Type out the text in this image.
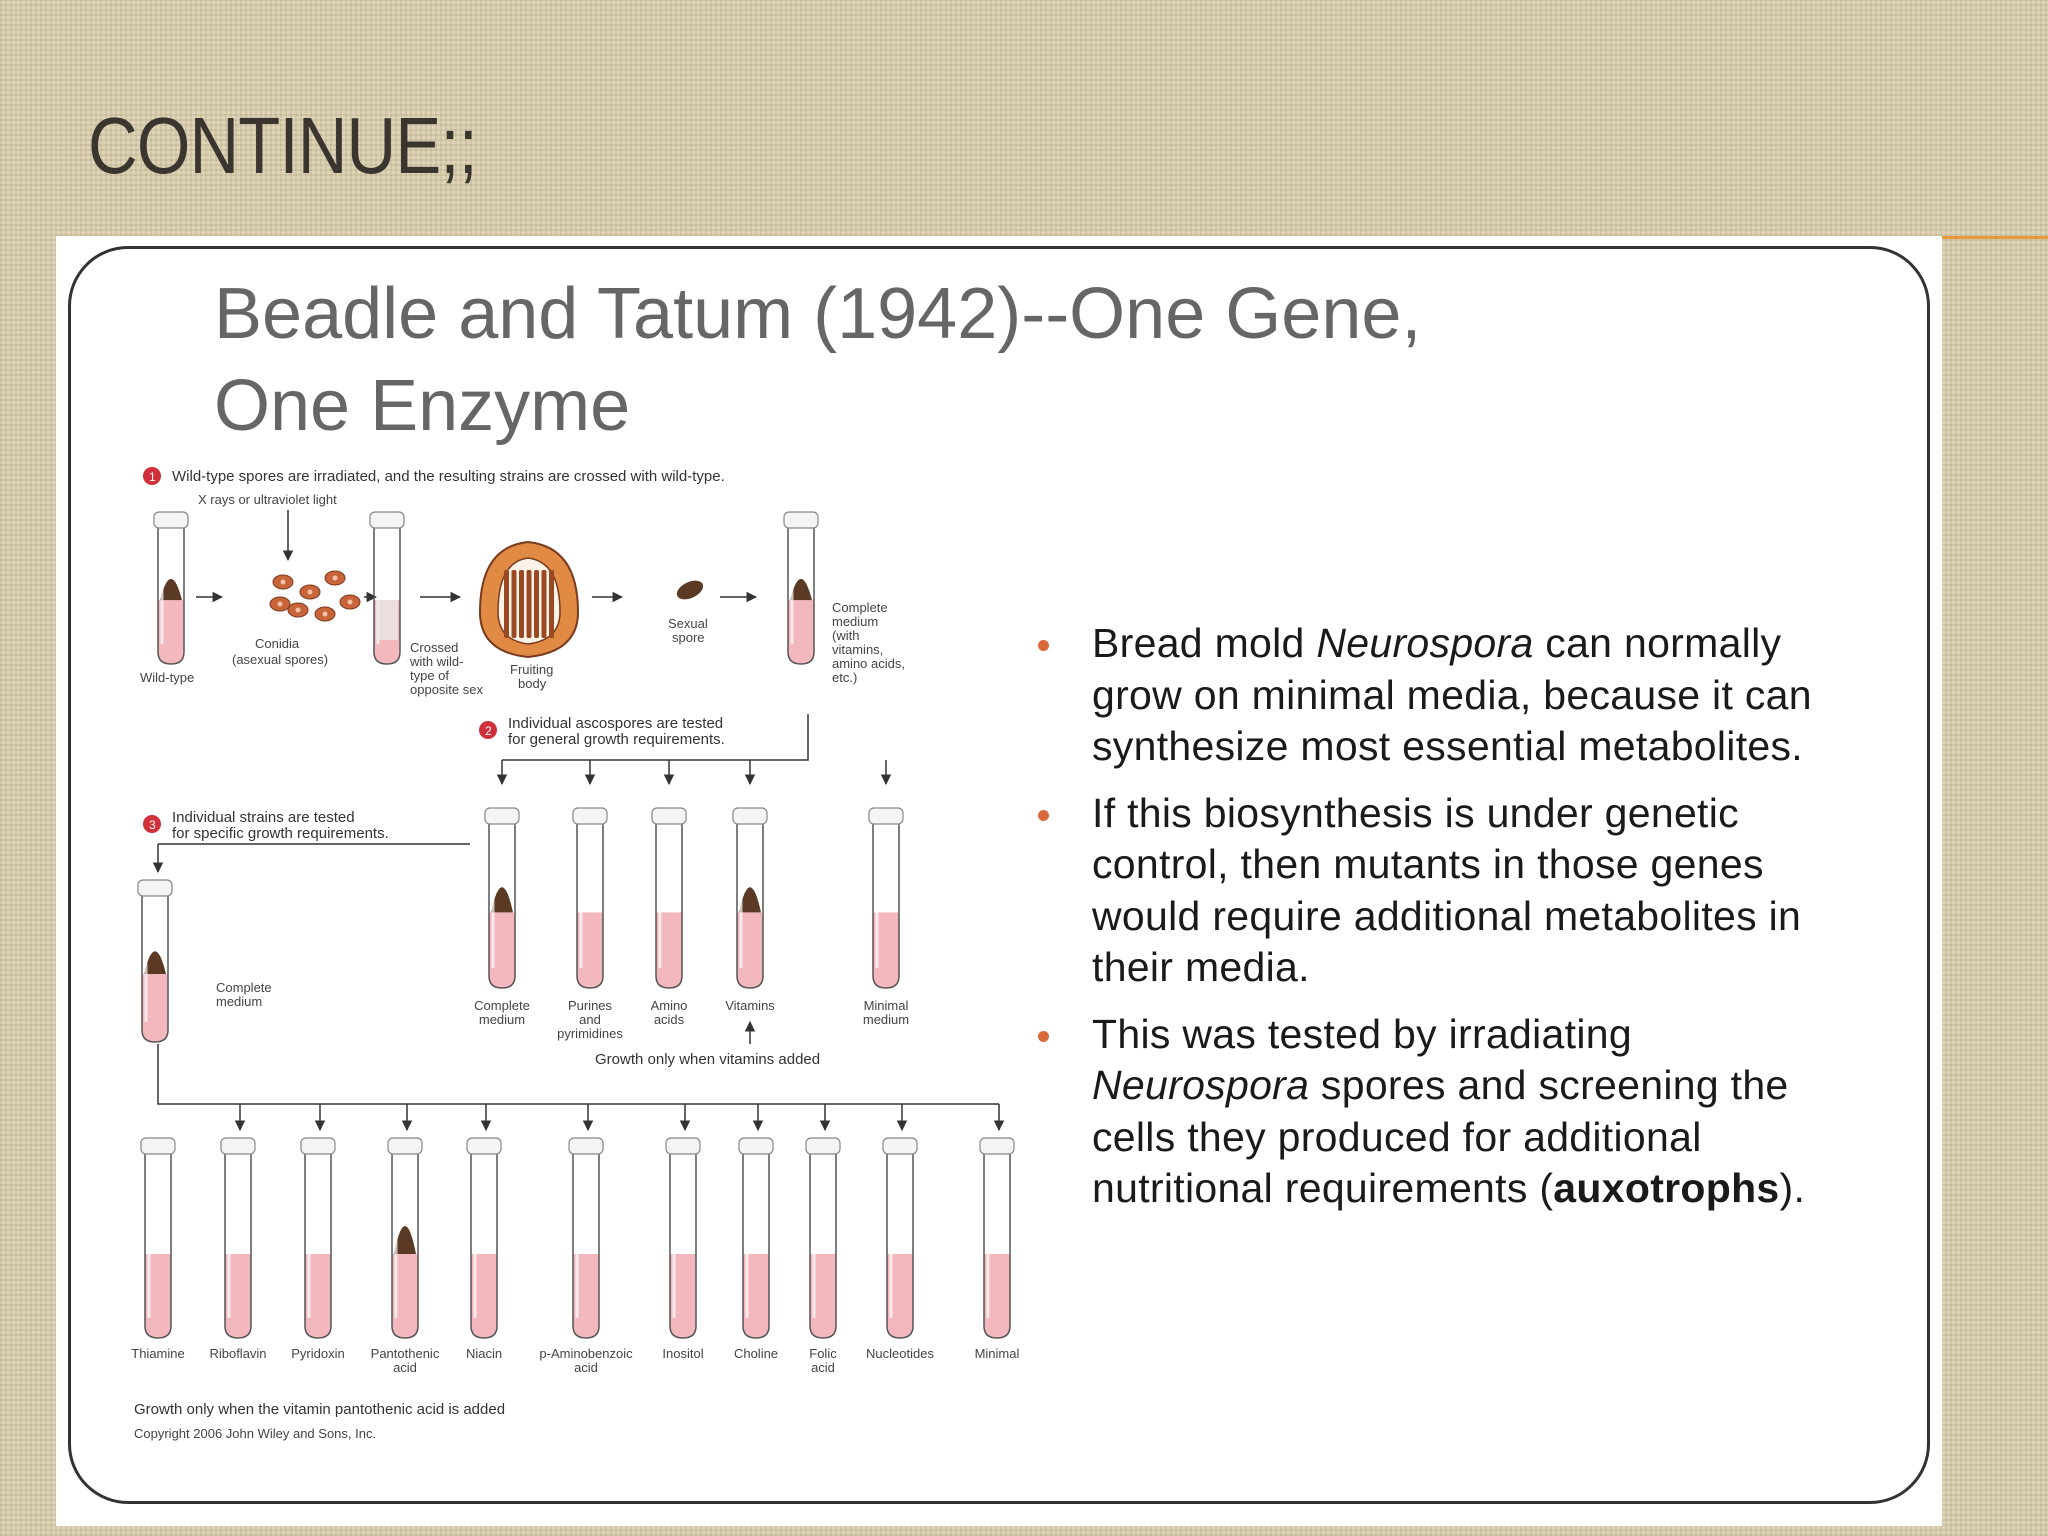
CONTINUE;;
Beadle and Tatum (1942)--One Gene,
One Enzyme
1 Wild-type spores are irradiated, and the resulting strains are crossed with wild-type.
X rays or ultraviolet light
Wild-type
Conidia
(asexual spores)
Crossed
with wild-
type of
opposite sex
Fruiting
body
Sexual
spore
Complete
medium
(with
vitamins,
amino acids,
etc.)
2 Individual ascospores are tested
for general growth requirements.
3 Individual strains are tested
for specific growth requirements.
Complete
medium
Purines
and
pyrimidines
Amino
acids
Vitamins	Minimal
medium
Thiamine Riboflavin Pyridoxin Pantothenic
acid
Niacin	p-Aminobenzoic
acid
Inositol Choline Folic
acid
Nucleotides	Minimal
Complete
medium
Growth only when vitamins added
Growth only when the vitamin pantothenic acid is added
Copyright 2006 John Wiley and Sons, Inc.
Bread mold Neurospora can normally grow on minimal media, because it can synthesize most essential metabolites.
If this biosynthesis is under genetic control, then mutants in those genes would require additional metabolites in their media.
This was tested by irradiating Neurospora spores and screening the cells they produced for additional nutritional requirements (auxotrophs).
